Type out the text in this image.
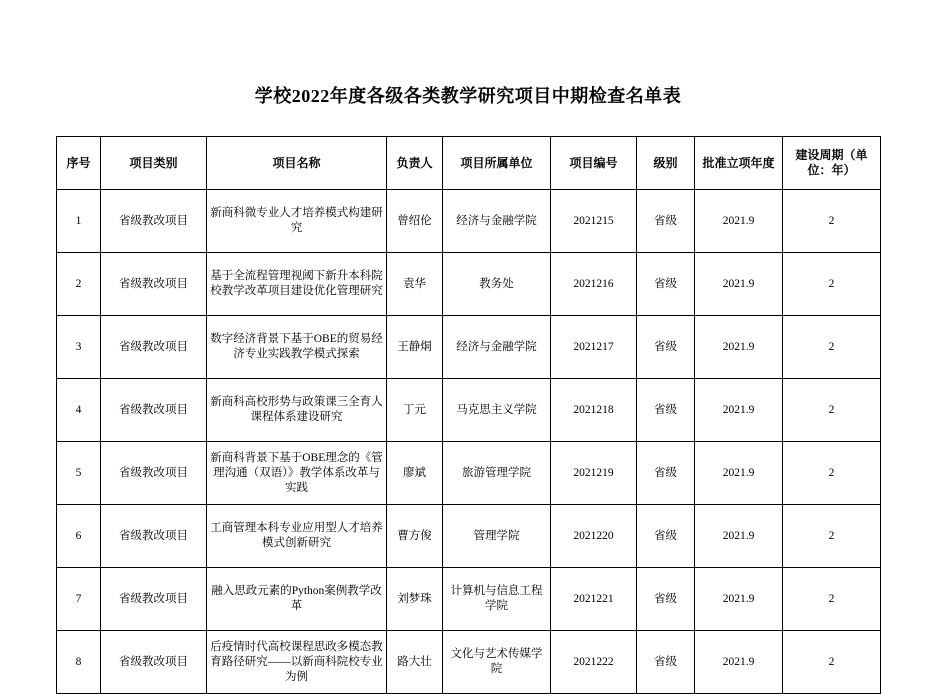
学校2022年度各级各类教学研究项目中期检查名单表
序号	项目类别	项目名称	负责人	项目所属单位	项目编号	级别	批准立项年度	建设周期（单位：年）
1	省级教改项目	新商科微专业人才培养模式构建研究	曾绍伦	经济与金融学院	2021215	省级	2021.9	2
2	省级教改项目	基于全流程管理视阈下新升本科院校教学改革项目建设优化管理研究	袁华	教务处	2021216	省级	2021.9	2
3	省级教改项目	数字经济背景下基于OBE的贸易经济专业实践教学模式探索	王静烔	经济与金融学院	2021217	省级	2021.9	2
4	省级教改项目	新商科高校形势与政策课三全育人课程体系建设研究	丁元	马克思主义学院	2021218	省级	2021.9	2
5	省级教改项目	新商科背景下基于OBE理念的《管理沟通（双语）》教学体系改革与实践	廖斌	旅游管理学院	2021219	省级	2021.9	2
6	省级教改项目	工商管理本科专业应用型人才培养模式创新研究	曹方俊	管理学院	2021220	省级	2021.9	2
7	省级教改项目	融入思政元素的Python案例教学改革	刘梦珠	计算机与信息工程学院	2021221	省级	2021.9	2
8	省级教改项目	后疫情时代高校课程思政多模态教育路径研究——以新商科院校专业为例	路大壮	文化与艺术传媒学院	2021222	省级	2021.9	2
